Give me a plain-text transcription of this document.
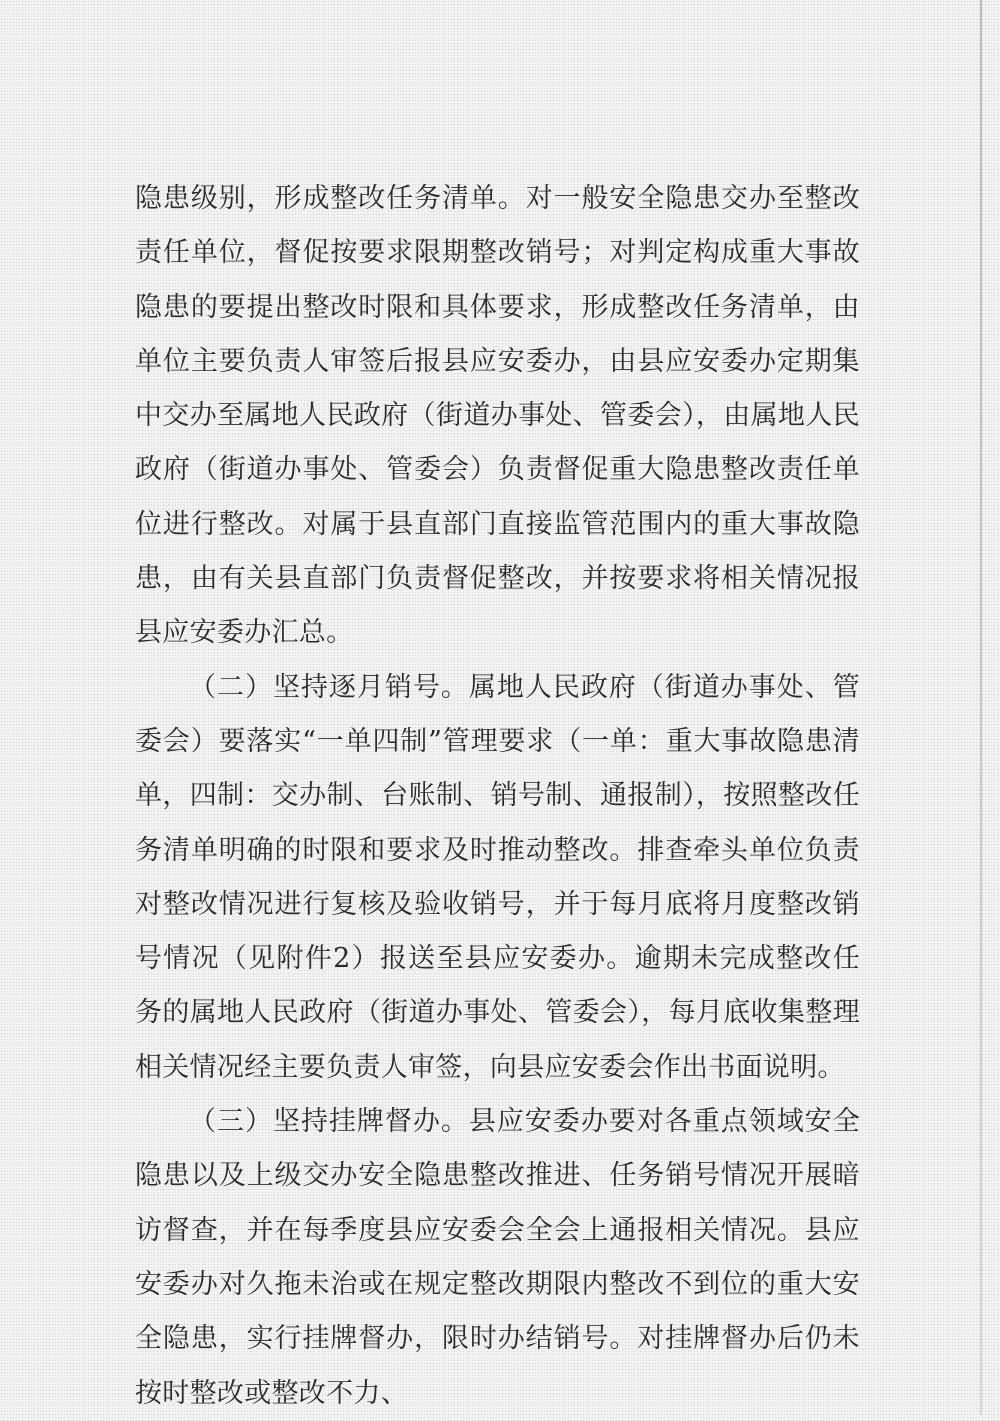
隐患级别，形成整改任务清单。对一般安全隐患交办至整改责任单位，督促按要求限期整改销号；对判定构成重大事故隐患的要提出整改时限和具体要求，形成整改任务清单，由单位主要负责人审签后报县应安委办，由县应安委办定期集中交办至属地人民政府（街道办事处、管委会），由属地人民政府（街道办事处、管委会）负责督促重大隐患整改责任单位进行整改。对属于县直部门直接监管范围内的重大事故隐患，由有关县直部门负责督促整改，并按要求将相关情况报县应安委办汇总。

（二）坚持逐月销号。属地人民政府（街道办事处、管委会）要落实“一单四制”管理要求（一单：重大事故隐患清单，四制：交办制、台账制、销号制、通报制），按照整改任务清单明确的时限和要求及时推动整改。排查牵头单位负责对整改情况进行复核及验收销号，并于每月底将月度整改销号情况（见附件2）报送至县应安委办。逾期未完成整改任务的属地人民政府（街道办事处、管委会），每月底收集整理相关情况经主要负责人审签，向县应安委会作出书面说明。

（三）坚持挂牌督办。县应安委办要对各重点领域安全隐患以及上级交办安全隐患整改推进、任务销号情况开展暗访督查，并在每季度县应安委会全会上通报相关情况。县应安委办对久拖未治或在规定整改期限内整改不到位的重大安全隐患，实行挂牌督办，限时办结销号。对挂牌督办后仍未按时整改或整改不力、
